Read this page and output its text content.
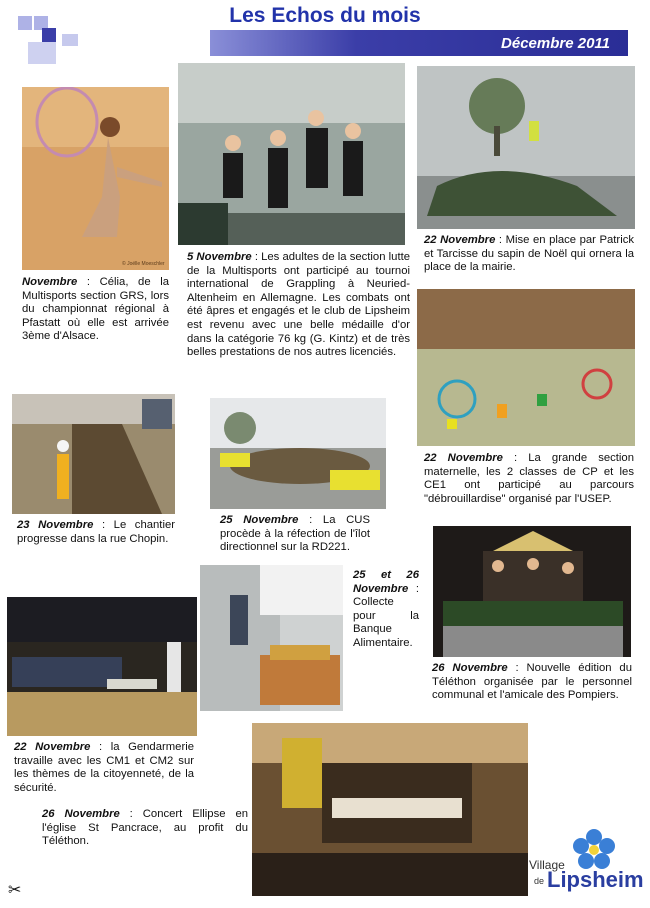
Les Echos du mois
Décembre 2011
© Joëlle Moeschler
Novembre : Célia, de la Multisports section GRS, lors du championnat régional à Pfastatt où elle est arrivée 3ème d'Alsace.
5 Novembre : Les adultes de la section lutte de la Multisports ont participé au tournoi international de Grappling à Neuried-Altenheim en Allemagne. Les combats ont été âpres et engagés et le club de Lipsheim est revenu avec une belle médaille d'or dans la catégorie 76 kg (G. Kintz) et de très belles prestations de nos autres licenciés.
22 Novembre : Mise en place par Patrick et Tarcisse du sapin de Noël qui ornera la place de la mairie.
22 Novembre : La grande section maternelle, les 2 classes de CP et les CE1 ont participé au parcours "débrouillardise" organisé par l'USEP.
23 Novembre : Le chantier progresse dans la rue Chopin.
25 Novembre : La CUS procède à la réfection de l'îlot directionnel sur la RD221.
25 et 26 Novembre : Collecte pour la Banque Alimentaire.
26 Novembre : Nouvelle édition du Téléthon organisée par le personnel communal et l'amicale des Pompiers.
22 Novembre : la Gendarmerie travaille avec les CM1 et CM2 sur les thèmes de la citoyenneté, de la sécurité.
26 Novembre : Concert Ellipse en l'église St Pancrace, au profit du Téléthon.
Village
de Lipsheim
✂
